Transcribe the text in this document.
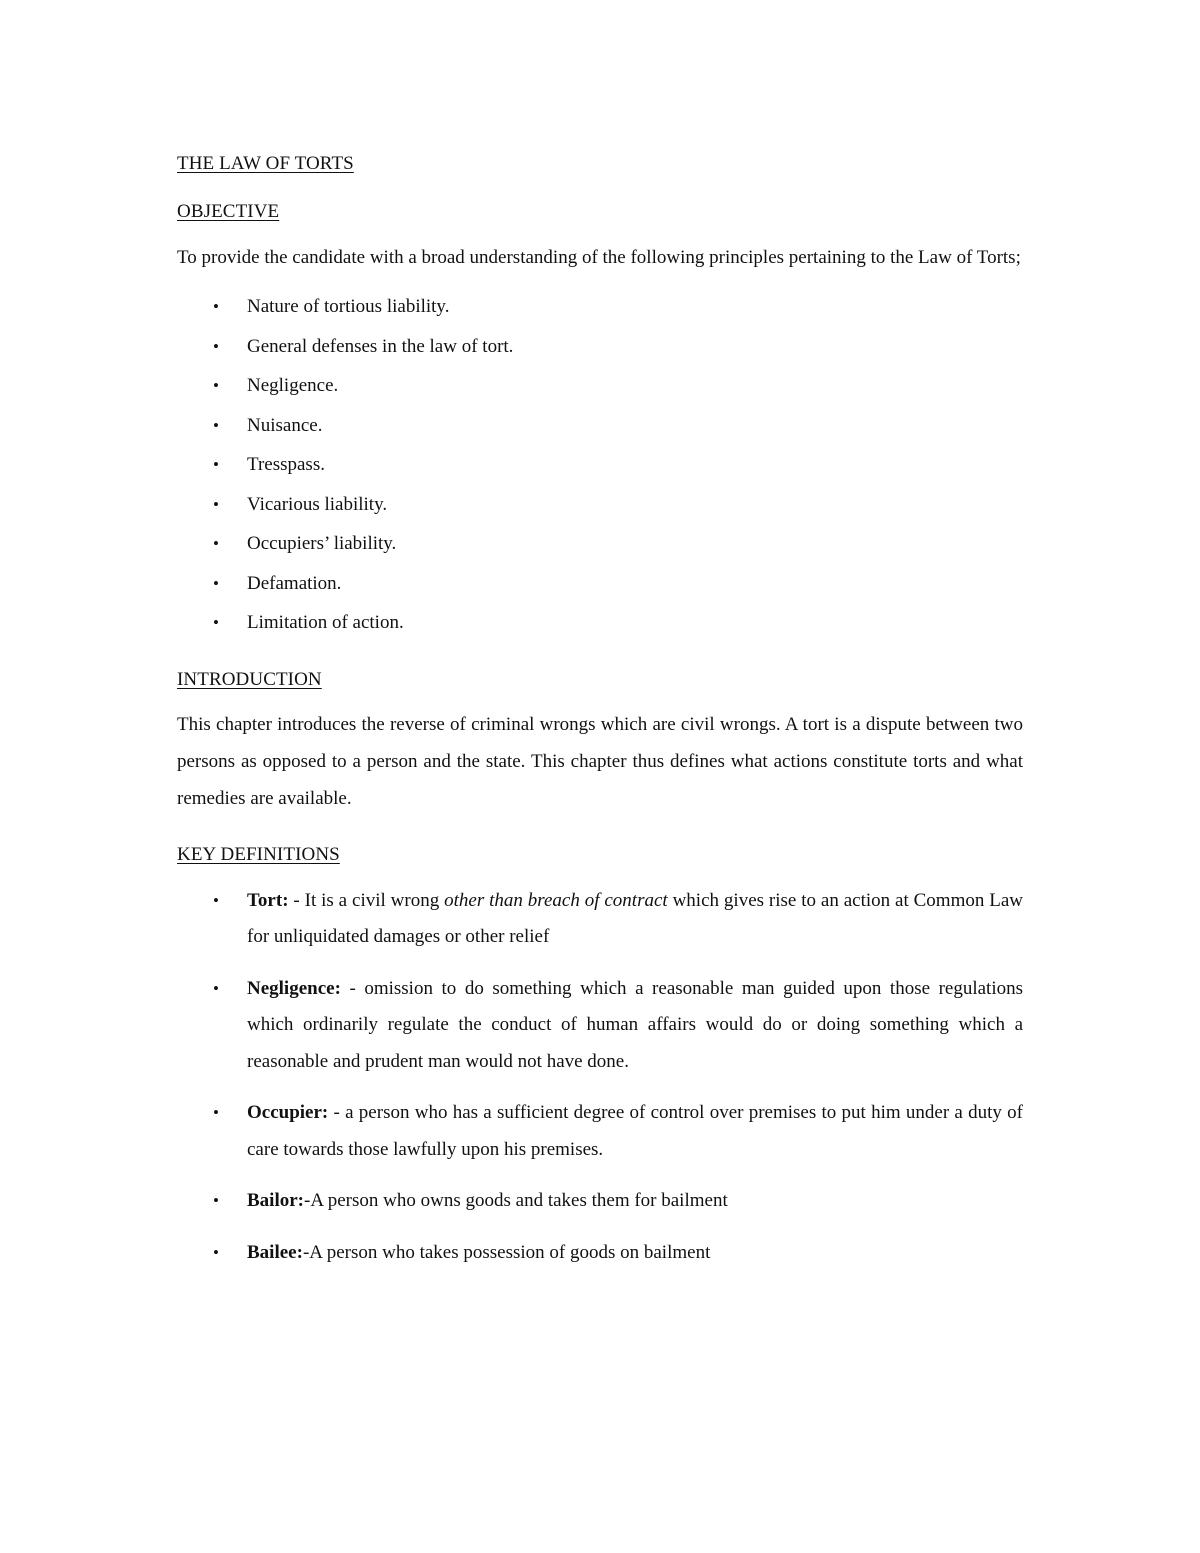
THE LAW OF TORTS
OBJECTIVE

To provide the candidate with a broad understanding of the following principles pertaining to the Law of Torts;

• Nature of tortious liability.
• General defenses in the law of tort.
• Negligence.
• Nuisance.
• Tresspass.
• Vicarious liability.
• Occupiers’ liability.
• Defamation.
• Limitation of action.
INTRODUCTION

This chapter introduces the reverse of criminal wrongs which are civil wrongs. A tort is a dispute between two persons as opposed to a person and the state. This chapter thus defines what actions constitute torts and what remedies are available.

KEY DEFINITIONS
• Tort: - It is a civil wrong other than breach of contract which gives rise to an action at Common Law for unliquidated damages or other relief
• Negligence: - omission to do something which a reasonable man guided upon those regulations which ordinarily regulate the conduct of human affairs would do or doing something which a reasonable and prudent man would not have done.
• Occupier: - a person who has a sufficient degree of control over premises to put him under a duty of care towards those lawfully upon his premises.
• Bailor:-A person who owns goods and takes them for bailment
• Bailee:-A person who takes possession of goods on bailment
